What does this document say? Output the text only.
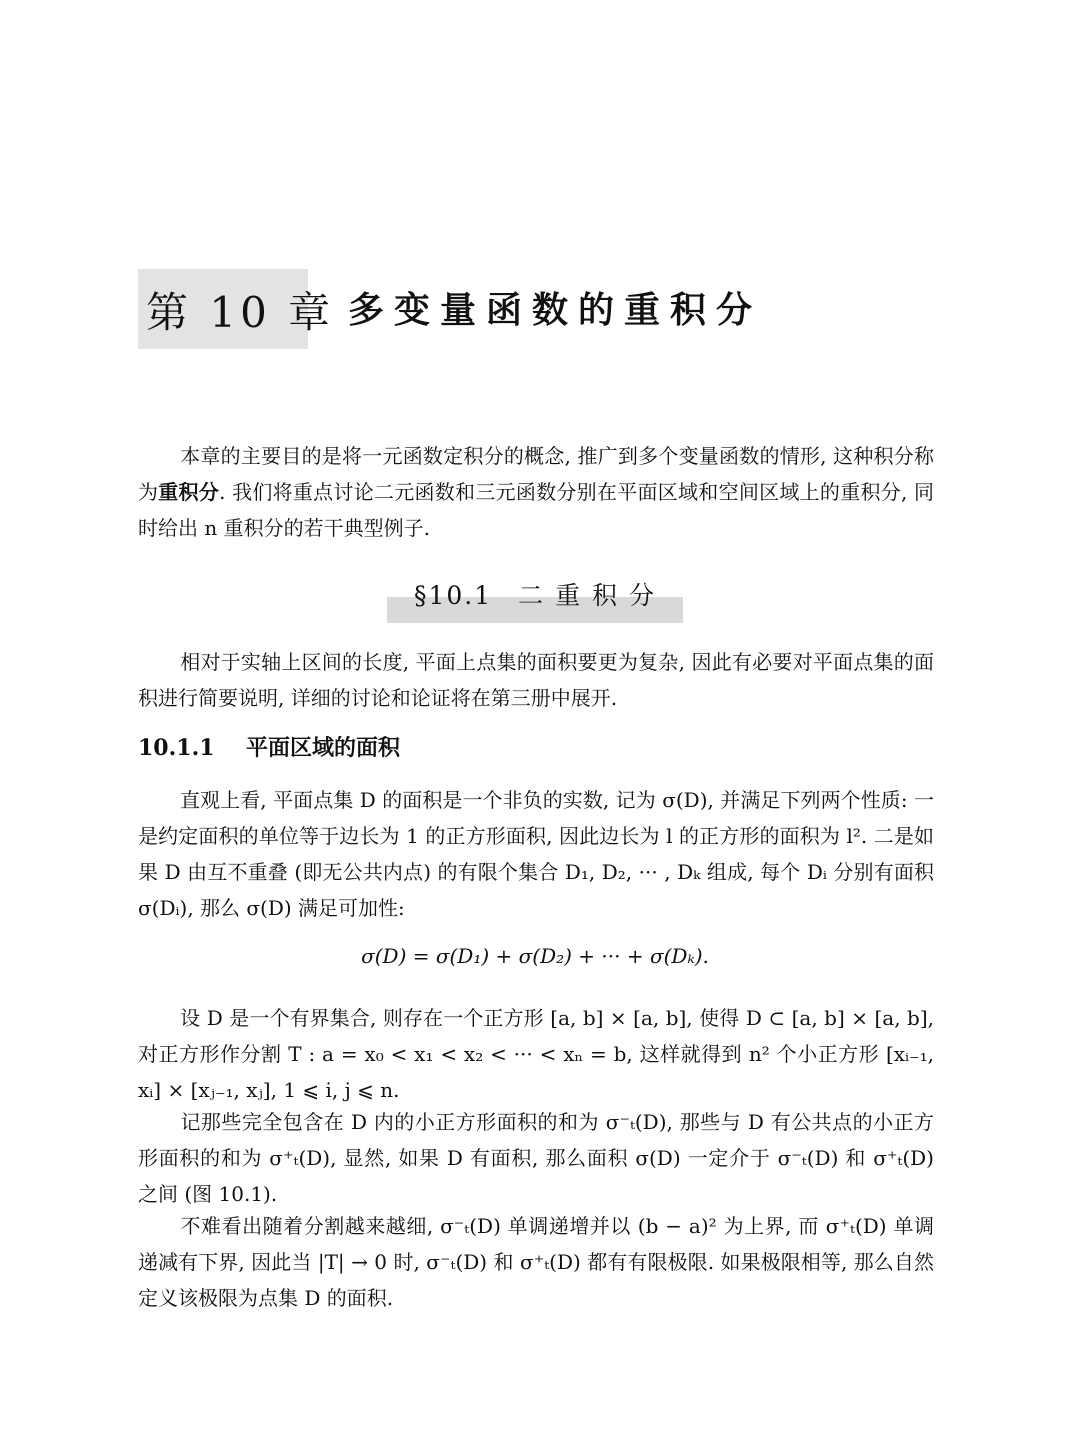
第 10 章 多变量函数的重积分

本章的主要目的是将一元函数定积分的概念, 推广到多个变量函数的情形, 这种积分称为重积分. 我们将重点讨论二元函数和三元函数分别在平面区域和空间区域上的重积分, 同时给出 n 重积分的若干典型例子.

§10.1 二 重 积 分

相对于实轴上区间的长度, 平面上点集的面积要更为复杂, 因此有必要对平面点集的面积进行简要说明, 详细的讨论和论证将在第三册中展开.

10.1.1 平面区域的面积

直观上看, 平面点集 D 的面积是一个非负的实数, 记为 σ(D), 并满足下列两个性质: 一是约定面积的单位等于边长为 1 的正方形面积, 因此边长为 l 的正方形的面积为 l². 二是如果 D 由互不重叠 (即无公共内点) 的有限个集合 D₁, D₂, ··· , Dₖ 组成, 每个 Dᵢ 分别有面积 σ(Dᵢ), 那么 σ(D) 满足可加性:

σ(D) = σ(D₁) + σ(D₂) + ··· + σ(Dₖ).

设 D 是一个有界集合, 则存在一个正方形 [a, b] × [a, b], 使得 D ⊂ [a, b] × [a, b], 对正方形作分割 T : a = x₀ < x₁ < x₂ < ··· < xₙ = b, 这样就得到 n² 个小正方形 [xᵢ₋₁, xᵢ] × [xⱼ₋₁, xⱼ], 1 ⩽ i, j ⩽ n.

记那些完全包含在 D 内的小正方形面积的和为 σ⁻ₜ(D), 那些与 D 有公共点的小正方形面积的和为 σ⁺ₜ(D), 显然, 如果 D 有面积, 那么面积 σ(D) 一定介于 σ⁻ₜ(D) 和 σ⁺ₜ(D) 之间 (图 10.1).

不难看出随着分割越来越细, σ⁻ₜ(D) 单调递增并以 (b − a)² 为上界, 而 σ⁺ₜ(D) 单调递减有下界, 因此当 |T| → 0 时, σ⁻ₜ(D) 和 σ⁺ₜ(D) 都有有限极限. 如果极限相等, 那么自然定义该极限为点集 D 的面积.
